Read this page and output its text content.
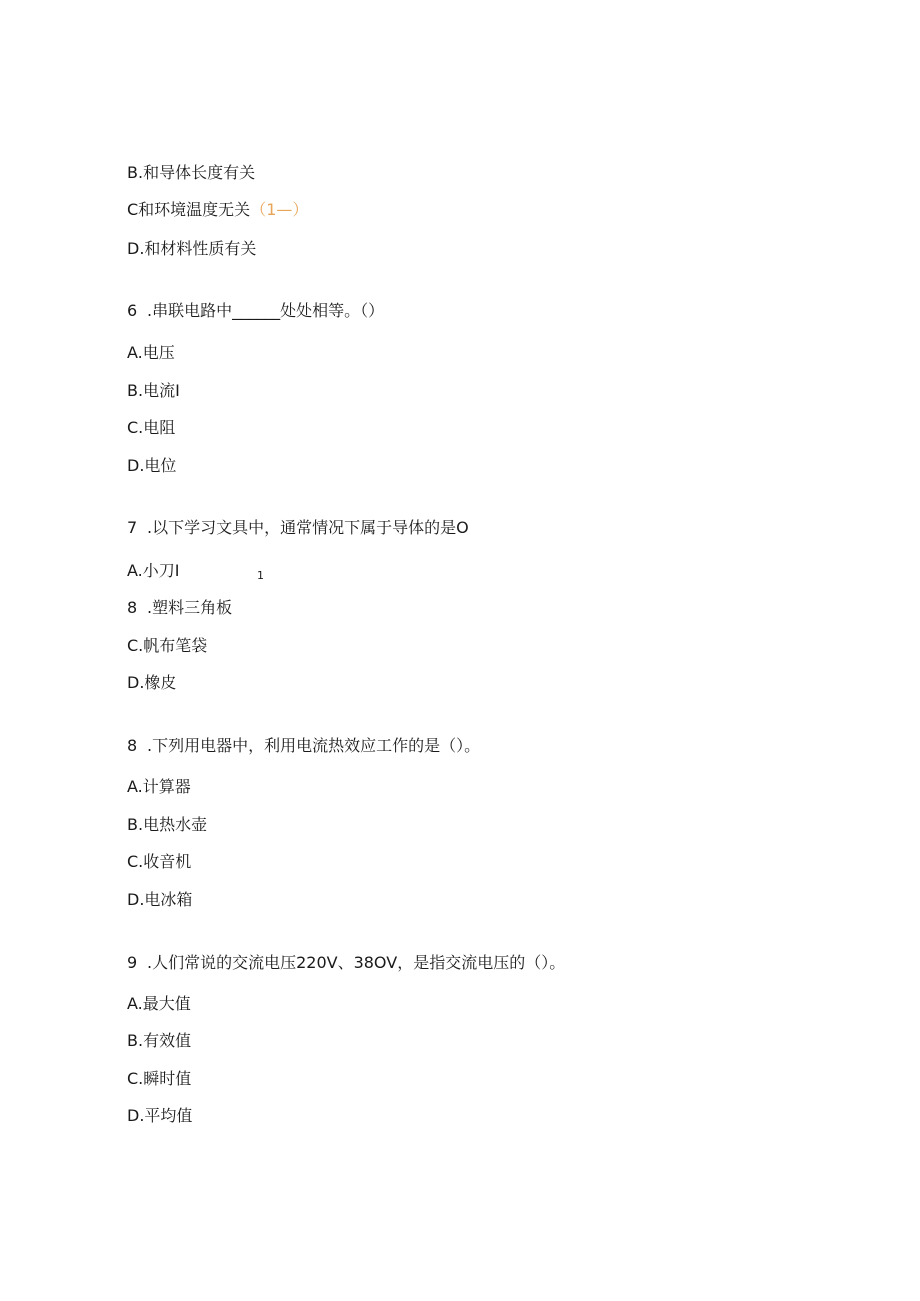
B.和导体长度有关
C和环境温度无关（1—）
D.和材料性质有关
6 .串联电路中______处处相等。（）
A.电压
B.电流I
C.电阻
D.电位
7 .以下学习文具中，通常情况下属于导体的是O
A.小刀I	1
8 .塑料三角板
C.帆布笔袋
D.橡皮
8 .下列用电器中，利用电流热效应工作的是（）。
A.计算器
B.电热水壶
C.收音机
D.电冰箱
9 .人们常说的交流电压220V、38OV，是指交流电压的（）。
A.最大值
B.有效值
C.瞬时值
D.平均值
